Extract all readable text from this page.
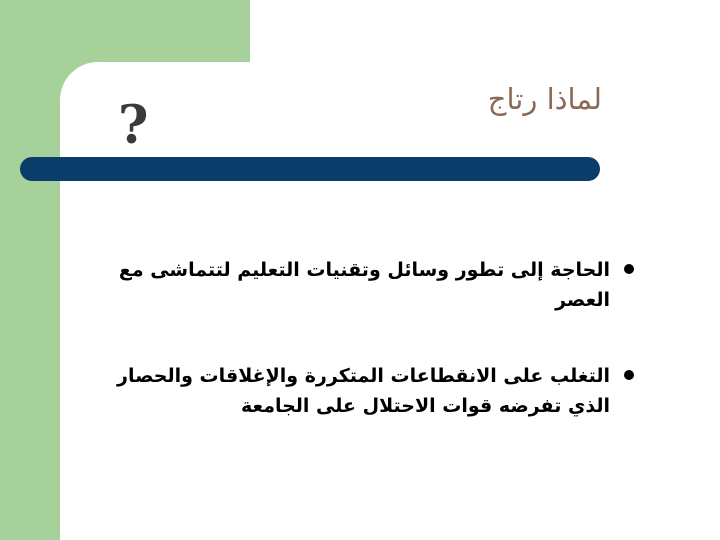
لماذا رتاج
?
الحاجة إلى تطور وسائل وتقنيات التعليم لتتماشى مع العصر
التغلب على الانقطاعات المتكررة والإغلاقات والحصار الذي تفرضه قوات الاحتلال على الجامعة
